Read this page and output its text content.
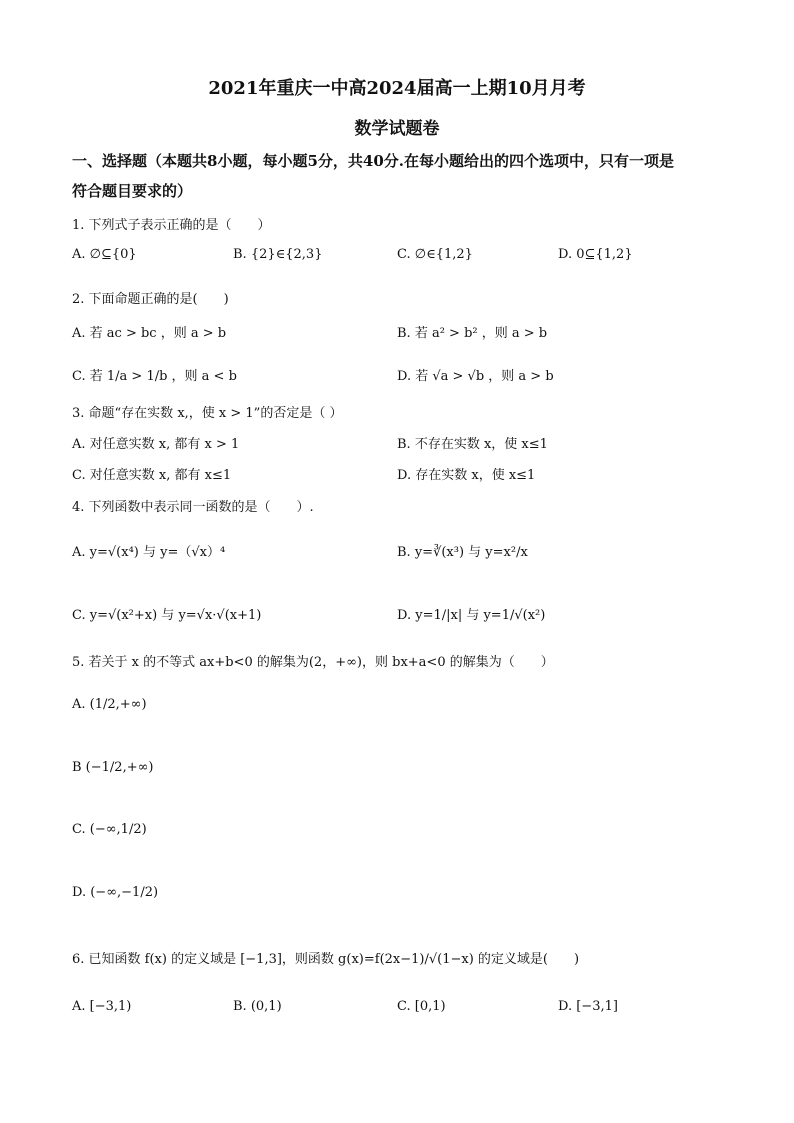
2021年重庆一中高2024届高一上期10月月考
数学试题卷
一、选择题（本题共8小题，每小题5分，共40分.在每小题给出的四个选项中，只有一项是
符合题目要求的）
1. 下列式子表示正确的是（　　）
A. ∅⊆{0}	B. {2}∈{2,3}	C. ∅∈{1,2}	D. 0⊆{1,2}
2. 下面命题正确的是(　　)
A. 若 ac > bc ，则 a > b	B. 若 a² > b² ，则 a > b
C. 若 1/a > 1/b ，则 a < b	D. 若 √a > √b ，则 a > b
3. 命题“存在实数 x,，使 x > 1”的否定是（ ）
A. 对任意实数 x, 都有 x > 1	B. 不存在实数 x，使 x≤1
C. 对任意实数 x, 都有 x≤1	D. 存在实数 x，使 x≤1
4. 下列函数中表示同一函数的是（　　）.
A. y=√(x⁴) 与 y=（√x）⁴	B. y=∛(x³) 与 y=x²/x
C. y=√(x²+x) 与 y=√x·√(x+1)	D. y=1/|x| 与 y=1/√(x²)
5. 若关于 x 的不等式 ax+b<0 的解集为(2，+∞)，则 bx+a<0 的解集为（　　）
A. (1/2,+∞)
B (−1/2,+∞)
C. (−∞,1/2)
D. (−∞,−1/2)
6. 已知函数 f(x) 的定义域是 [−1,3]，则函数 g(x)=f(2x−1)/√(1−x) 的定义域是(　　)
A. [−3,1)	B. (0,1)	C. [0,1)	D. [−3,1]
